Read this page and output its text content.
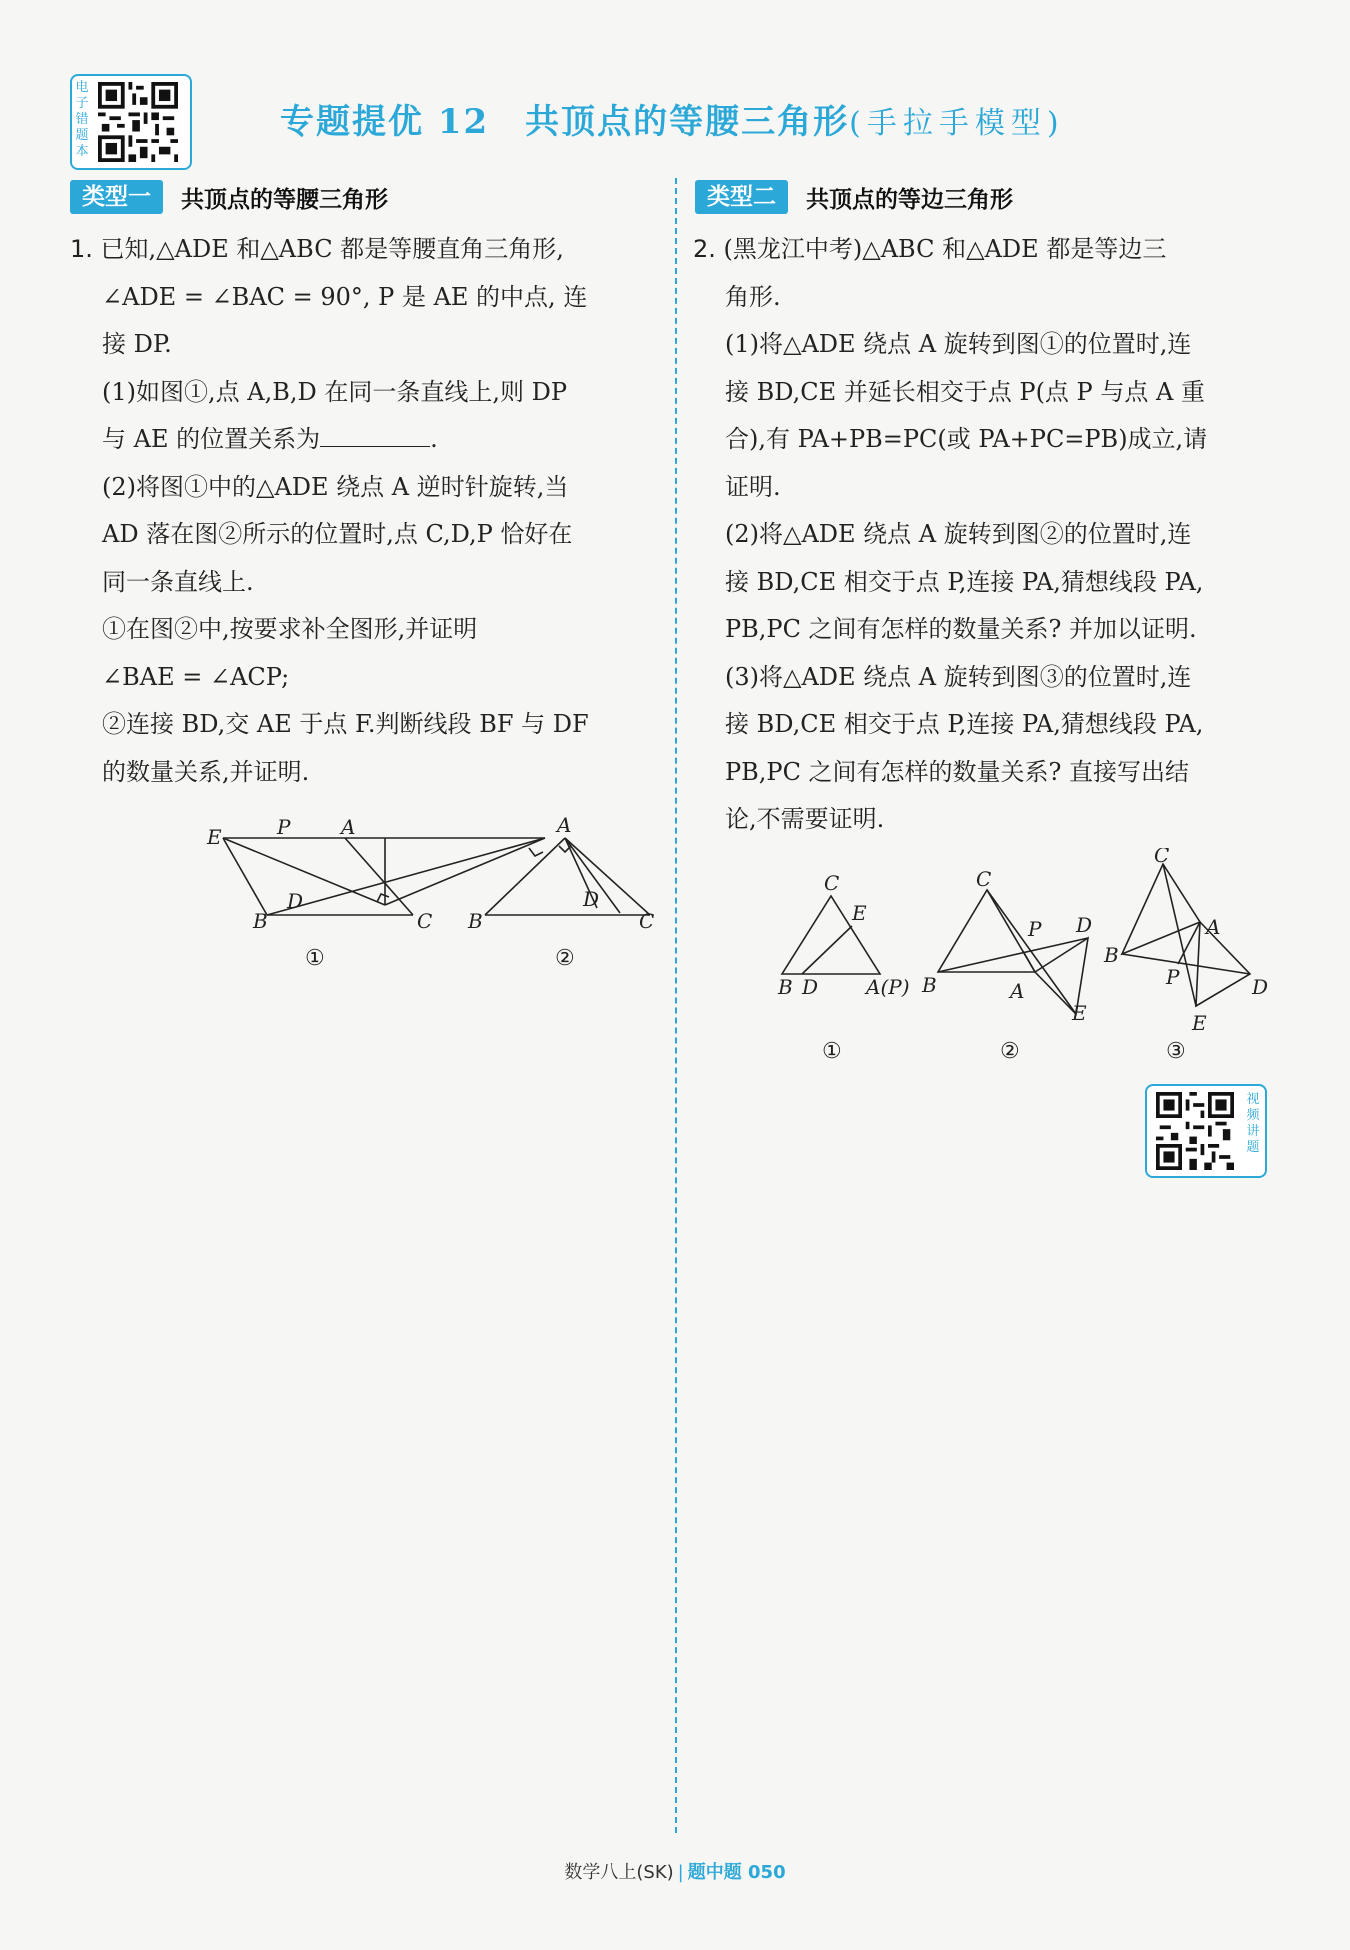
电子错题本
专题提优 12　共顶点的等腰三角形(手拉手模型)
类型一	共顶点的等腰三角形	类型二	共顶点的等边三角形

1. 已知,△ADE 和△ABC 都是等腰直角三角形,

∠ADE = ∠BAC = 90°, P 是 AE 的中点, 连

接 DP.

(1)如图①,点 A,B,D 在同一条直线上,则 DP

与 AE 的位置关系为	.

(2)将图①中的△ADE 绕点 A 逆时针旋转,当

AD 落在图②所示的位置时,点 C,D,P 恰好在

同一条直线上.

①在图②中,按要求补全图形,并证明

∠BAE = ∠ACP;

②连接 BD,交 AE 于点 F.判断线段 BF 与 DF

的数量关系,并证明.

E	P	A
B
D
C
A
B
D
C
①	②

2. (黑龙江中考)△ABC 和△ADE 都是等边三

角形.

(1)将△ADE 绕点 A 旋转到图①的位置时,连

接 BD,CE 并延长相交于点 P(点 P 与点 A 重

合),有 PA+PB=PC(或 PA+PC=PB)成立,请

证明.

(2)将△ADE 绕点 A 旋转到图②的位置时,连

接 BD,CE 相交于点 P,连接 PA,猜想线段 PA,

PB,PC 之间有怎样的数量关系? 并加以证明.

(3)将△ADE 绕点 A 旋转到图③的位置时,连

接 BD,CE 相交于点 P,连接 PA,猜想线段 PA,

PB,PC 之间有怎样的数量关系? 直接写出结

论,不需要证明.

C
E
B D A(P)
C
P D
B	A
E
C
A
B
P	D
E
①	②	③
视频讲题
数学八上(SK) | 题中题 050
